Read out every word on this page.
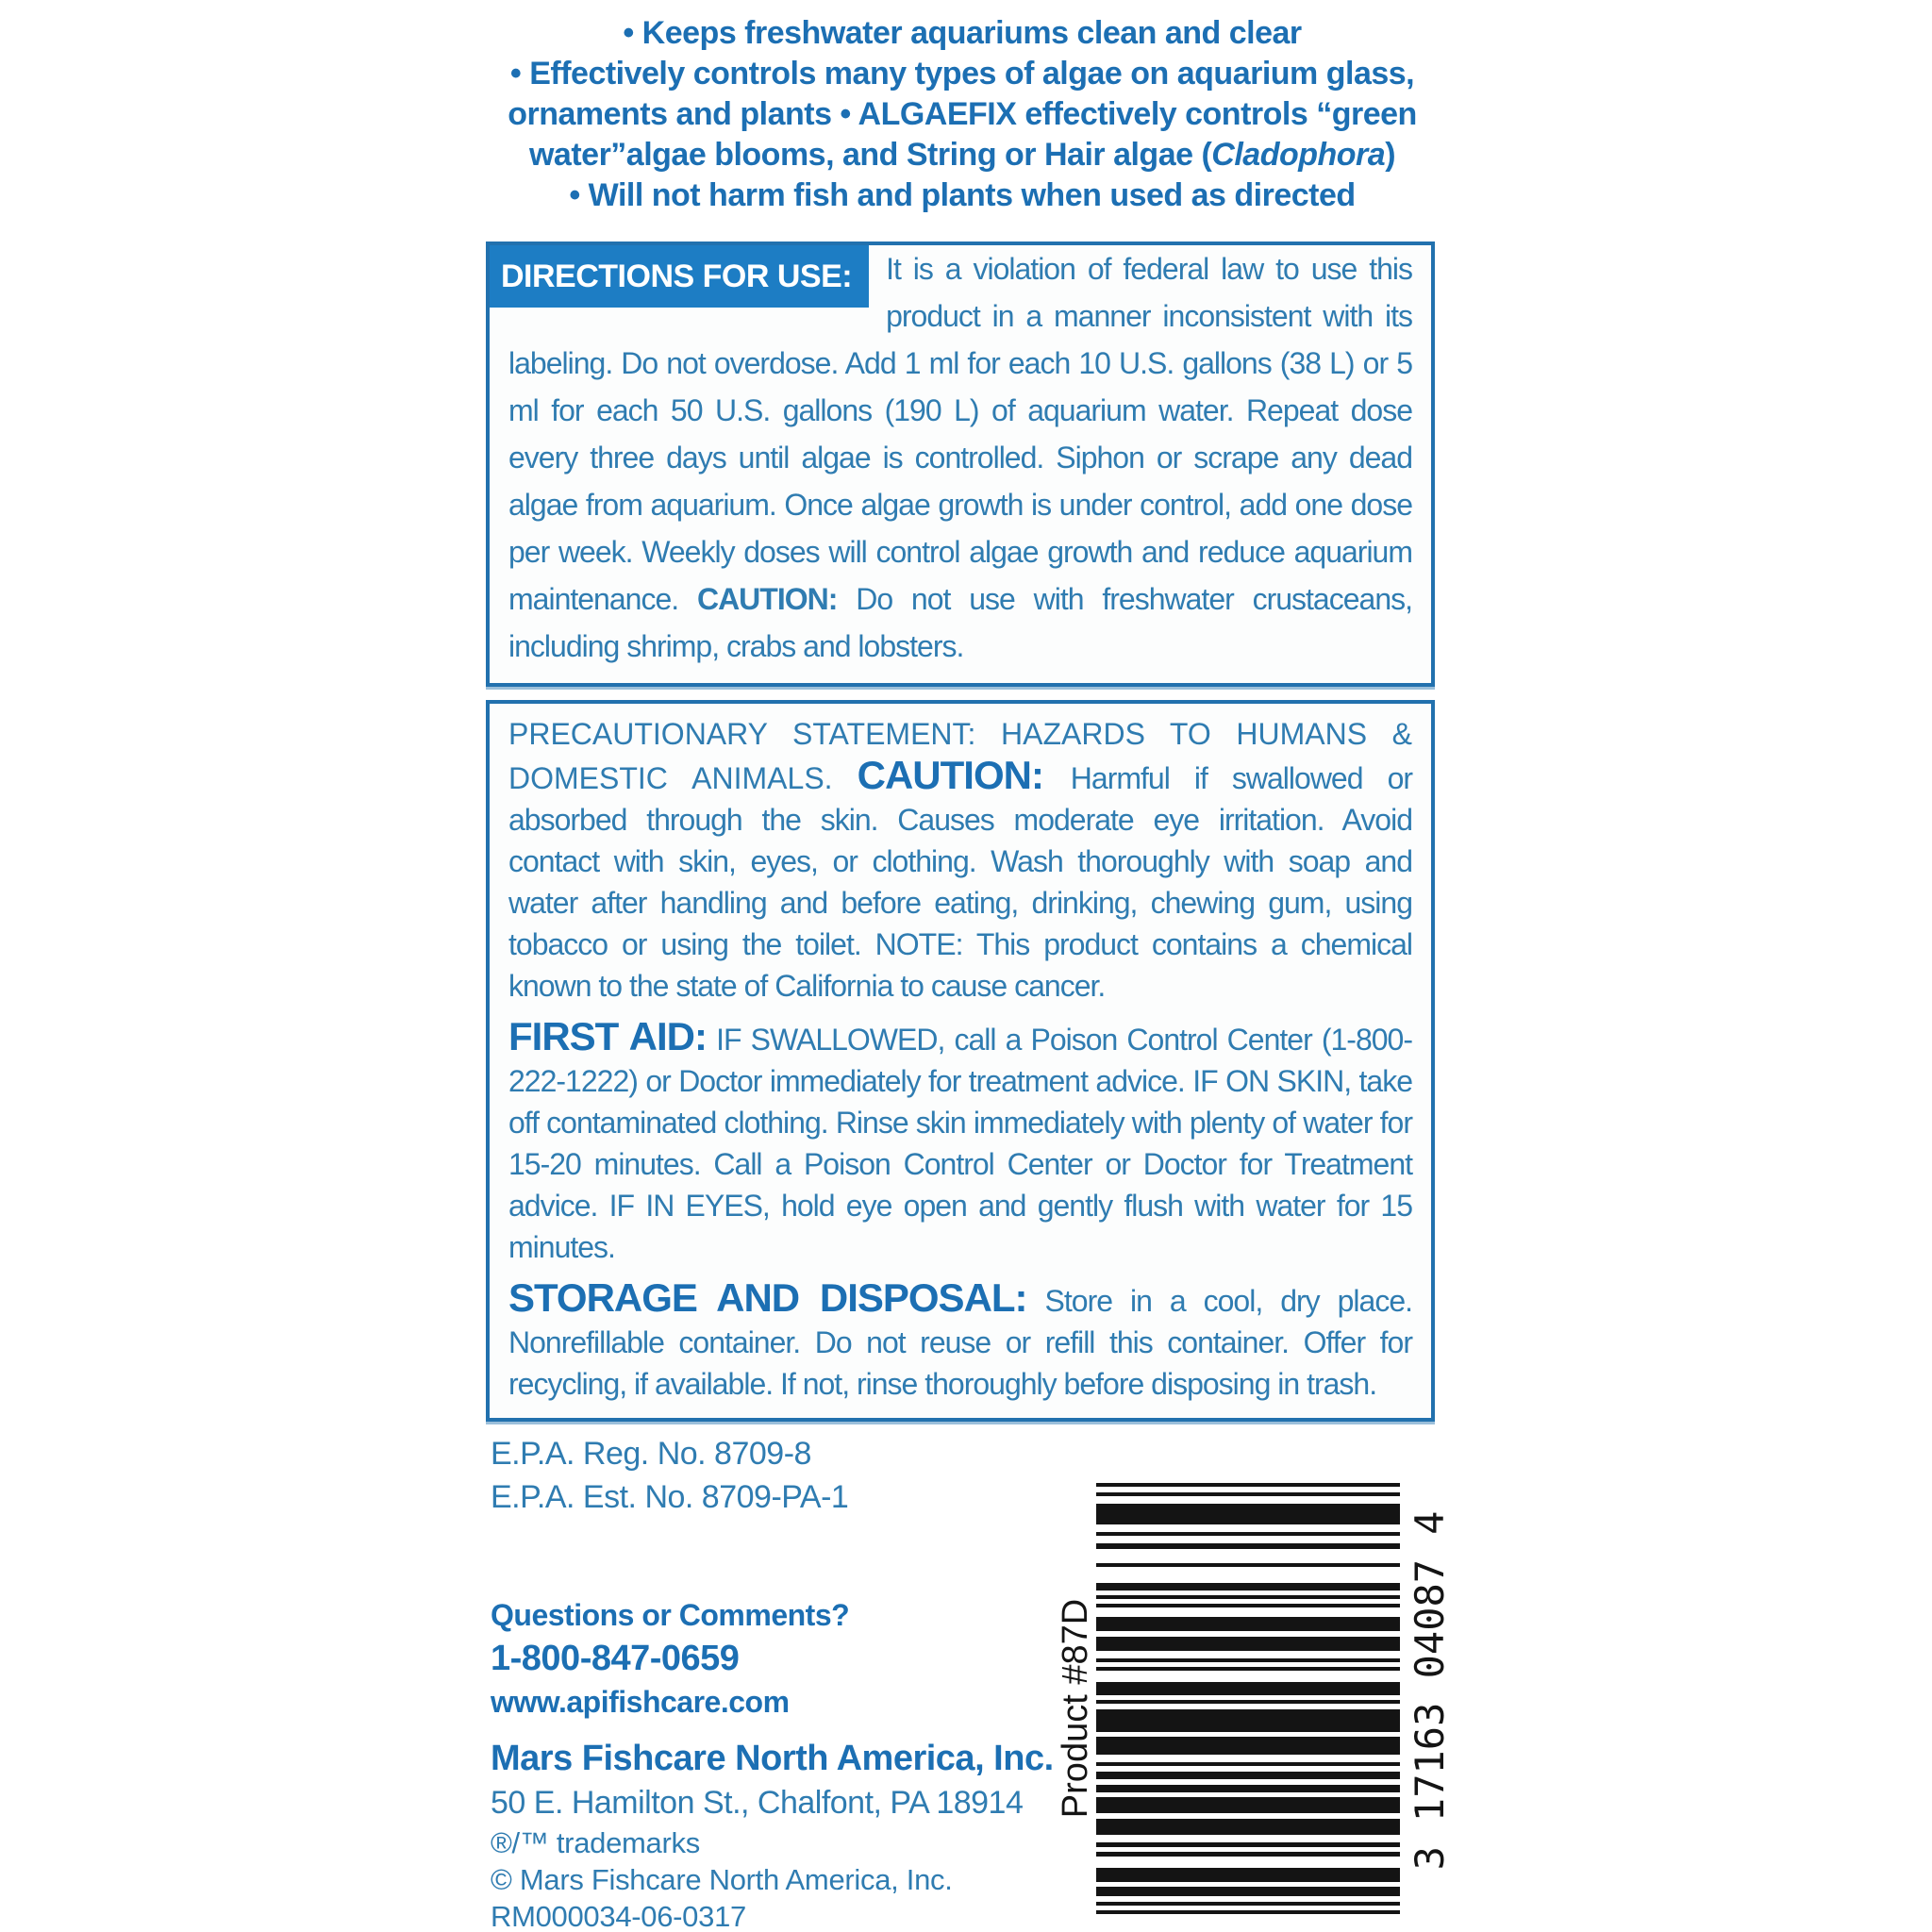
• Keeps freshwater aquariums clean and clear
• Effectively controls many types of algae on aquarium glass,
ornaments and plants • ALGAEFIX effectively controls “green
water”algae blooms, and String or Hair algae (Cladophora)
• Will not harm fish and plants when used as directed

DIRECTIONS FOR USE:	It is a violation of federal law to use this product in a manner inconsistent with its labeling. Do not overdose. Add 1 ml for each 10 U.S. gallons (38 L) or 5 ml for each 50 U.S. gallons (190 L) of aquarium water. Repeat dose every three days until algae is controlled. Siphon or scrape any dead algae from aquarium. Once algae growth is under control, add one dose per week. Weekly doses will control algae growth and reduce aquarium maintenance. CAUTION: Do not use with freshwater crustaceans, including shrimp, crabs and lobsters.

PRECAUTIONARY STATEMENT: HAZARDS TO HUMANS & DOMESTIC ANIMALS. CAUTION: Harmful if swallowed or absorbed through the skin. Causes moderate eye irritation. Avoid contact with skin, eyes, or clothing. Wash thoroughly with soap and water after handling and before eating, drinking, chewing gum, using tobacco or using the toilet. NOTE: This product contains a chemical known to the state of California to cause cancer.

FIRST AID: IF SWALLOWED, call a Poison Control Center (1-800-222-1222) or Doctor immediately for treatment advice. IF ON SKIN, take off contaminated clothing. Rinse skin immediately with plenty of water for 15-20 minutes. Call a Poison Control Center or Doctor for Treatment advice. IF IN EYES, hold eye open and gently flush with water for 15 minutes.

STORAGE AND DISPOSAL: Store in a cool, dry place. Nonrefillable container. Do not reuse or refill this container. Offer for recycling, if available. If not, rinse thoroughly before disposing in trash.

E.P.A. Reg. No. 8709-8
E.P.A. Est. No. 8709-PA-1
Questions or Comments?
1-800-847-0659
www.apifishcare.com
Mars Fishcare North America, Inc.
50 E. Hamilton St., Chalfont, PA 18914
®/™ trademarks
© Mars Fishcare North America, Inc.
RM000034-06-0317
317163 040874
Product #87D
